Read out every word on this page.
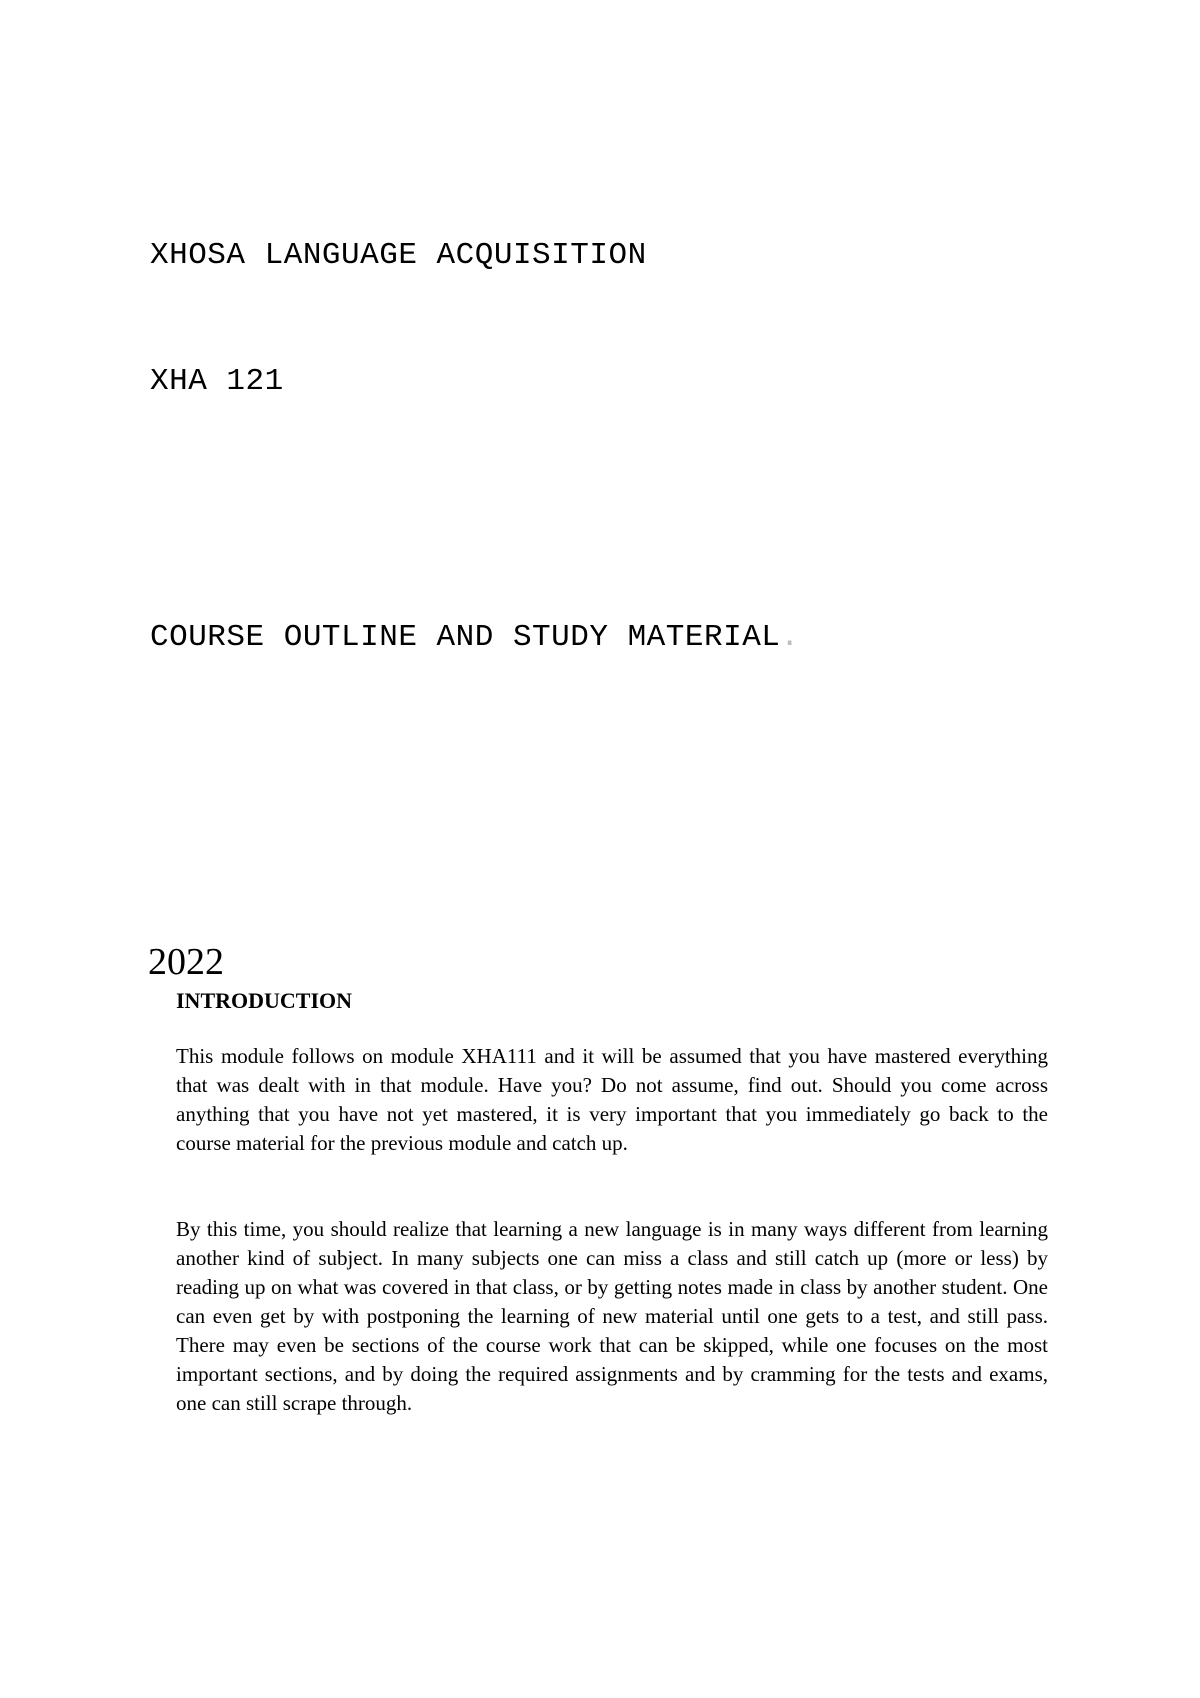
XHOSA LANGUAGE ACQUISITION
XHA 121
COURSE OUTLINE AND STUDY MATERIAL.
2022
INTRODUCTION

This module follows on module XHA111 and it will be assumed that you have mastered everything that was dealt with in that module. Have you? Do not assume, find out. Should you come across anything that you have not yet mastered, it is very important that you immediately go back to the course material for the previous module and catch up.

By this time, you should realize that learning a new language is in many ways different from learning another kind of subject. In many subjects one can miss a class and still catch up (more or less) by reading up on what was covered in that class, or by getting notes made in class by another student. One can even get by with postponing the learning of new material until one gets to a test, and still pass. There may even be sections of the course work that can be skipped, while one focuses on the most important sections, and by doing the required assignments and by cramming for the tests and exams, one can still scrape through.
